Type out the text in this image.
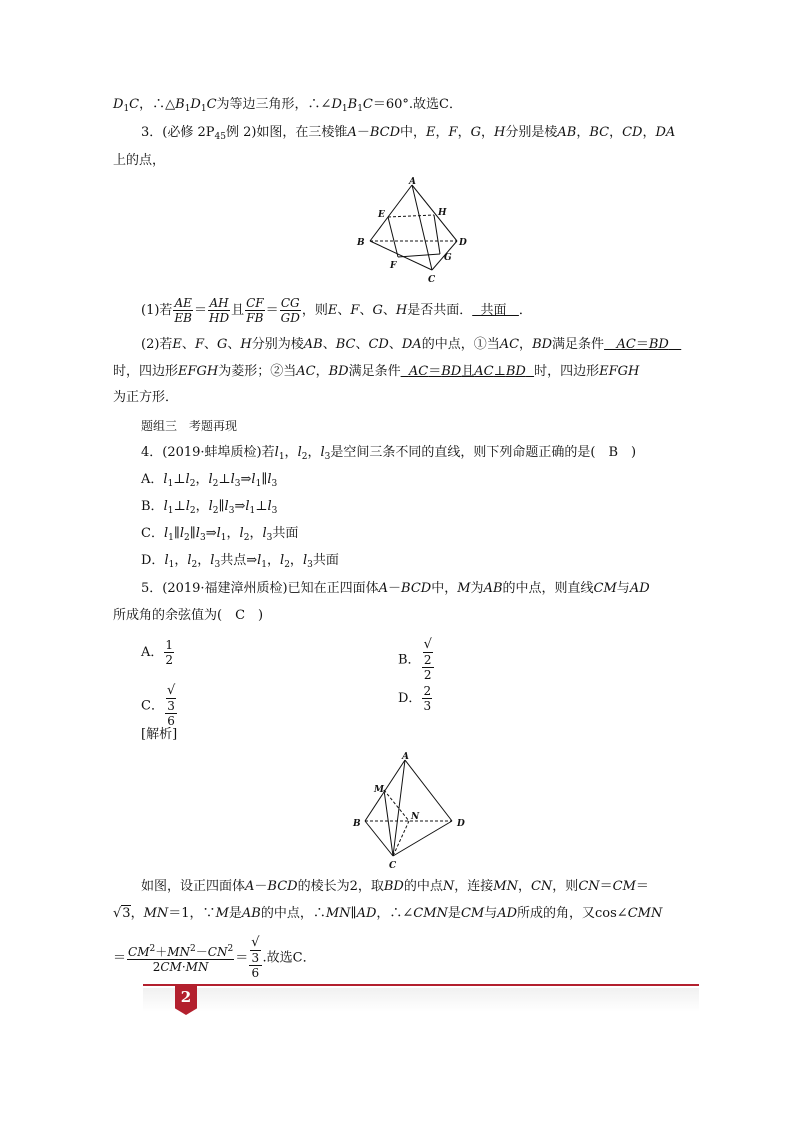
$D_1C$，$\therefore\triangle B_1D_1C$为等边三角形，$\therefore\angle D_1B_1C=60^\circ$.故选C．
3．(必修 $2P_{45}$例 2)如图，在三棱锥A－BCD中，E，F，G，H分别是棱AB，BC，CD，DA
上的点，
A
E	H
B	D
F
G
C
(1)若 $\frac{AE}{EB} = \frac{AH}{HD}$ 且 $\frac{CF}{FB} = \frac{CG}{GD}$ ，则E、F、G、H是否共面． 共面 ．
(2)若E、F、G、H分别为棱AB、BC、CD、DA的中点，①当AC，BD满足条件 AC＝BD
时，四边形EFGH为菱形；②当AC，BD满足条件 AC＝BD且AC⊥BD 时，四边形EFGH
为正方形．
题组三　考题再现
4．(2019·蚌埠质检)若$l_1$，$l_2$，$l_3$是空间三条不同的直线，则下列命题正确的是(　B　)
A．$l_1\perp l_2$，$l_2\perp l_3\Rightarrow l_1\parallel l_3$
B．$l_1\perp l_2$，$l_2\parallel l_3\Rightarrow l_1\perp l_3$
C．$l_1\parallel l_2\parallel l_3\Rightarrow l_1$，$l_2$，$l_3$共面
D．$l_1$，$l_2$，$l_3$共点$\Rightarrow l_1$，$l_2$，$l_3$共面
5．(2019·福建漳州质检)已知在正四面体A－BCD中，M为AB的中点，则直线CM与AD
所成角的余弦值为(　C　)
A． $\frac{1}{2}$	B． √
2
2
C． √
3
6	D． $\frac{2}{3}$
[解析]
A
M
N
B	D
C
如图，设正四面体A－BCD的棱长为2，取BD的中点N，连接MN，CN，则CN＝CM＝
√3，MN＝1，∵M是AB的中点，∴MN∥AD，∴∠CMN是CM与AD所成的角，又cos∠CMN
＝ $\frac{CM^2+MN^2-CN^2}{2CM\cdot MN}$ ＝ √
3
6 .故选C．
2
